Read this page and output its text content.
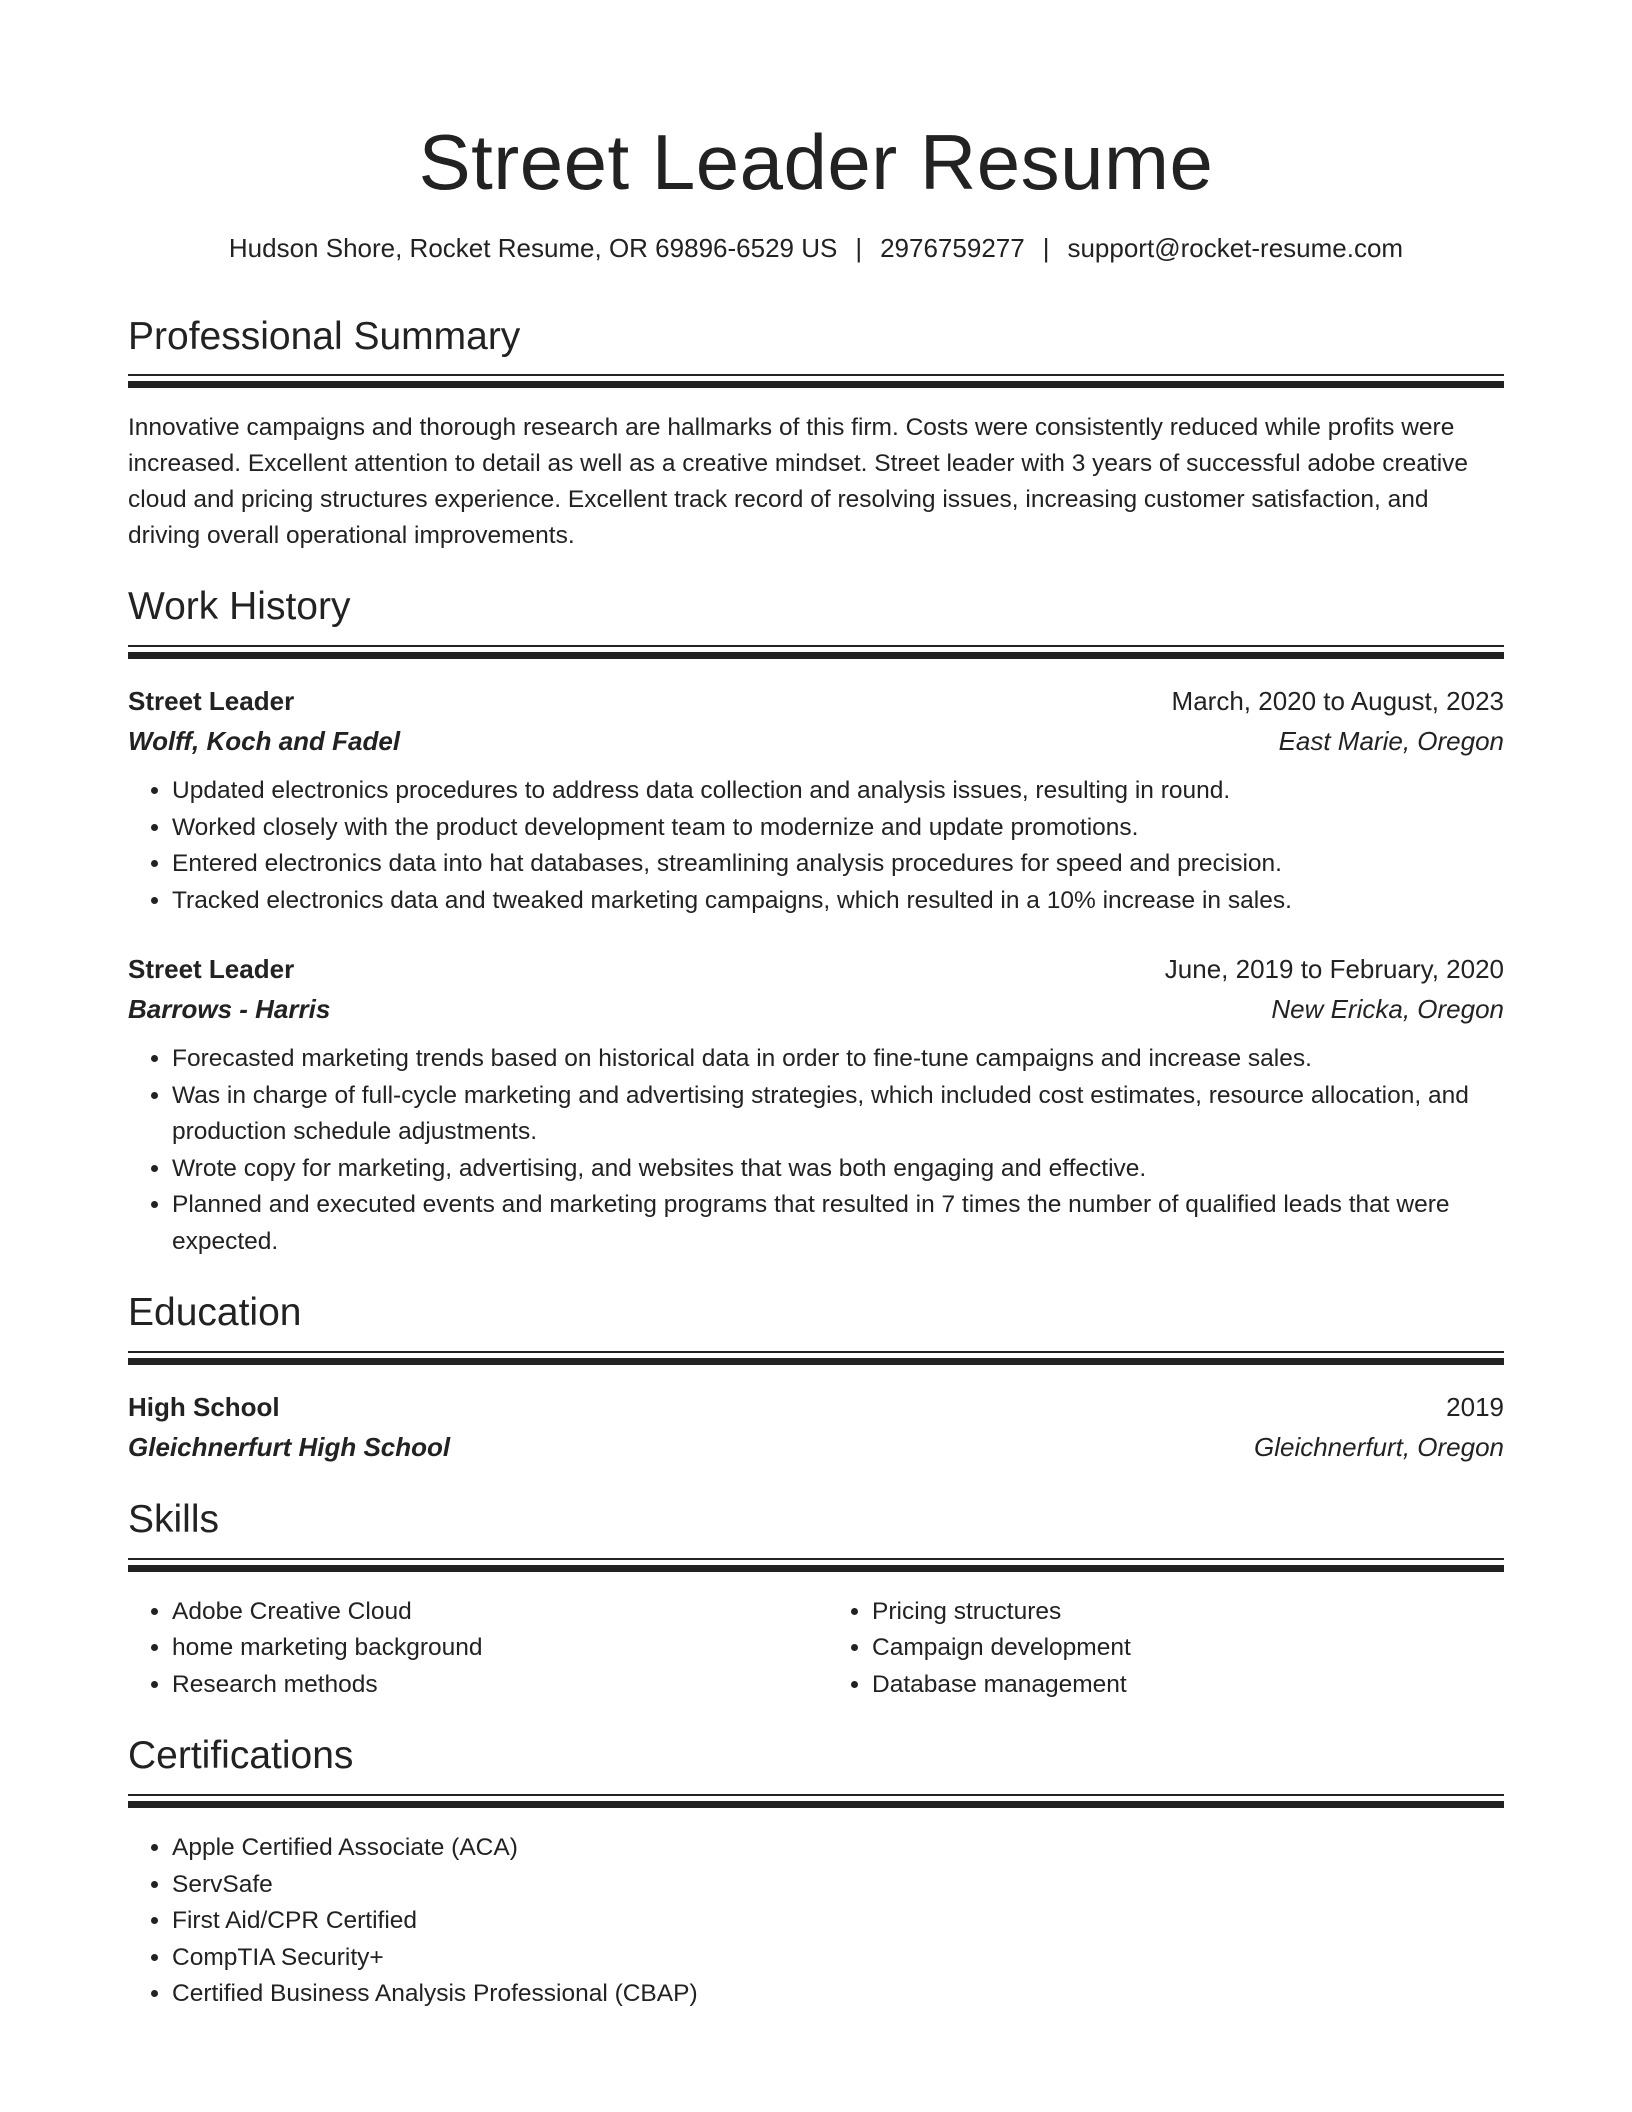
Street Leader Resume
Hudson Shore, Rocket Resume, OR 69896-6529 US | 2976759277 | support@rocket-resume.com
Professional Summary

Innovative campaigns and thorough research are hallmarks of this firm. Costs were consistently reduced while profits were increased. Excellent attention to detail as well as a creative mindset. Street leader with 3 years of successful adobe creative cloud and pricing structures experience. Excellent track record of resolving issues, increasing customer satisfaction, and driving overall operational improvements.

Work History
Street Leader	March, 2020 to August, 2023
Wolff, Koch and Fadel	East Marie, Oregon
• Updated electronics procedures to address data collection and analysis issues, resulting in round.
• Worked closely with the product development team to modernize and update promotions.
• Entered electronics data into hat databases, streamlining analysis procedures for speed and precision.
• Tracked electronics data and tweaked marketing campaigns, which resulted in a 10% increase in sales.
Street Leader	June, 2019 to February, 2020
Barrows - Harris	New Ericka, Oregon
• Forecasted marketing trends based on historical data in order to fine-tune campaigns and increase sales.
• Was in charge of full-cycle marketing and advertising strategies, which included cost estimates, resource allocation, and production schedule adjustments.
• Wrote copy for marketing, advertising, and websites that was both engaging and effective.
• Planned and executed events and marketing programs that resulted in 7 times the number of qualified leads that were expected.
Education
High School	2019
Gleichnerfurt High School	Gleichnerfurt, Oregon
Skills
• Adobe Creative Cloud
• home marketing background
• Research methods
• Pricing structures
• Campaign development
• Database management
Certifications
• Apple Certified Associate (ACA)
• ServSafe
• First Aid/CPR Certified
• CompTIA Security+
• Certified Business Analysis Professional (CBAP)
